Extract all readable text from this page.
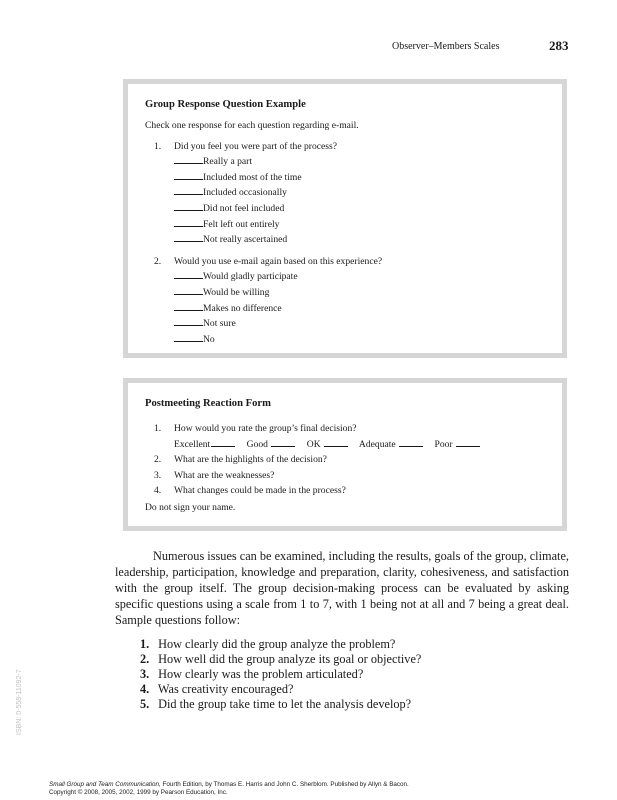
Observer–Members Scales	283
Group Response Question Example
Check one response for each question regarding e-mail.
1.	Did you feel you were part of the process?
Really a part
Included most of the time
Included occasionally
Did not feel included
Felt left out entirely
Not really ascertained
2.	Would you use e-mail again based on this experience?
Would gladly participate
Would be willing
Makes no difference
Not sure
No
Postmeeting Reaction Form
1.	How would you rate the group’s final decision?
Excellent	Good	OK	Adequate	Poor
2.	What are the highlights of the decision?
3.	What are the weaknesses?
4.	What changes could be made in the process?
Do not sign your name.

Numerous issues can be examined, including the results, goals of the group, climate, leadership, participation, knowledge and preparation, clarity, cohesiveness, and satisfaction with the group itself. The group decision-making process can be evaluated by asking specific questions using a scale from 1 to 7, with 1 being not at all and 7 being a great deal. Sample questions follow:

1. How clearly did the group analyze the problem?
2. How well did the group analyze its goal or objective?
3. How clearly was the problem articulated?
4. Was creativity encouraged?
5. Did the group take time to let the analysis develop?
ISBN: 0-558-11092-7
Small Group and Team Communication, Fourth Edition, by Thomas E. Harris and John C. Sherblom. Published by Allyn & Bacon.
Copyright © 2008, 2005, 2002, 1999 by Pearson Education, Inc.
